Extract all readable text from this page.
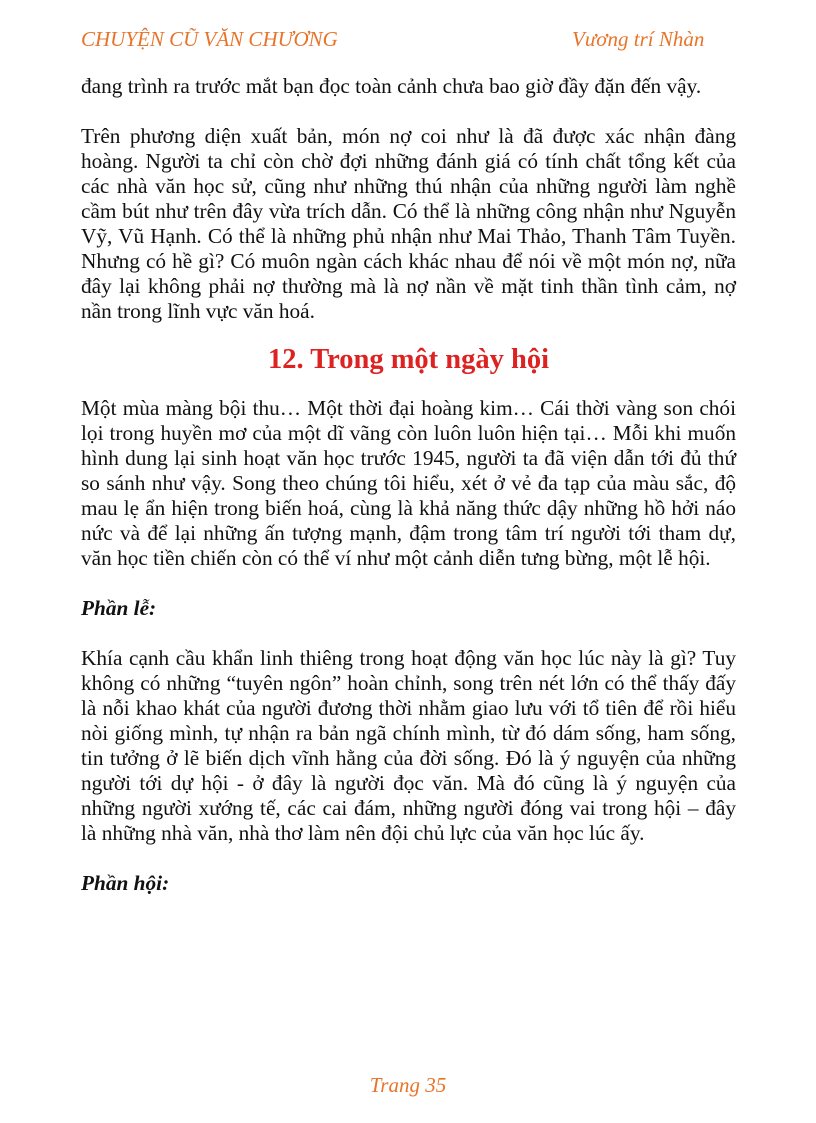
CHUYỆN CŨ VĂN CHƯƠNG	Vương trí Nhàn

đang trình ra trước mắt bạn đọc toàn cảnh chưa bao giờ đầy đặn đến vậy.

Trên phương diện xuất bản, món nợ coi như là đã được xác nhận đàng hoàng. Người ta chỉ còn chờ đợi những đánh giá có tính chất tổng kết của các nhà văn học sử, cũng như những thú nhận của những người làm nghề cầm bút như trên đây vừa trích dẫn. Có thể là những công nhận như Nguyễn Vỹ, Vũ Hạnh. Có thể là những phủ nhận như Mai Thảo, Thanh Tâm Tuyền. Nhưng có hề gì? Có muôn ngàn cách khác nhau để nói về một món nợ, nữa đây lại không phải nợ thường mà là nợ nần về mặt tinh thần tình cảm, nợ nần trong lĩnh vực văn hoá.

12. Trong một ngày hội

Một mùa màng bội thu… Một thời đại hoàng kim… Cái thời vàng son chói lọi trong huyền mơ của một dĩ vãng còn luôn luôn hiện tại… Mỗi khi muốn hình dung lại sinh hoạt văn học trước 1945, người ta đã viện dẫn tới đủ thứ so sánh như vậy. Song theo chúng tôi hiểu, xét ở vẻ đa tạp của màu sắc, độ mau lẹ ẩn hiện trong biến hoá, cùng là khả năng thức dậy những hồ hởi náo nức và để lại những ấn tượng mạnh, đậm trong tâm trí người tới tham dự, văn học tiền chiến còn có thể ví như một cảnh diễn tưng bừng, một lễ hội.

Phần lễ:

Khía cạnh cầu khẩn linh thiêng trong hoạt động văn học lúc này là gì? Tuy không có những “tuyên ngôn” hoàn chỉnh, song trên nét lớn có thể thấy đấy là nỗi khao khát của người đương thời nhằm giao lưu với tổ tiên để rồi hiểu nòi giống mình, tự nhận ra bản ngã chính mình, từ đó dám sống, ham sống, tin tưởng ở lẽ biến dịch vĩnh hằng của đời sống. Đó là ý nguyện của những người tới dự hội - ở đây là người đọc văn. Mà đó cũng là ý nguyện của những người xướng tế, các cai đám, những người đóng vai trong hội – đây là những nhà văn, nhà thơ làm nên đội chủ lực của văn học lúc ấy.

Phần hội:

Trang 35
